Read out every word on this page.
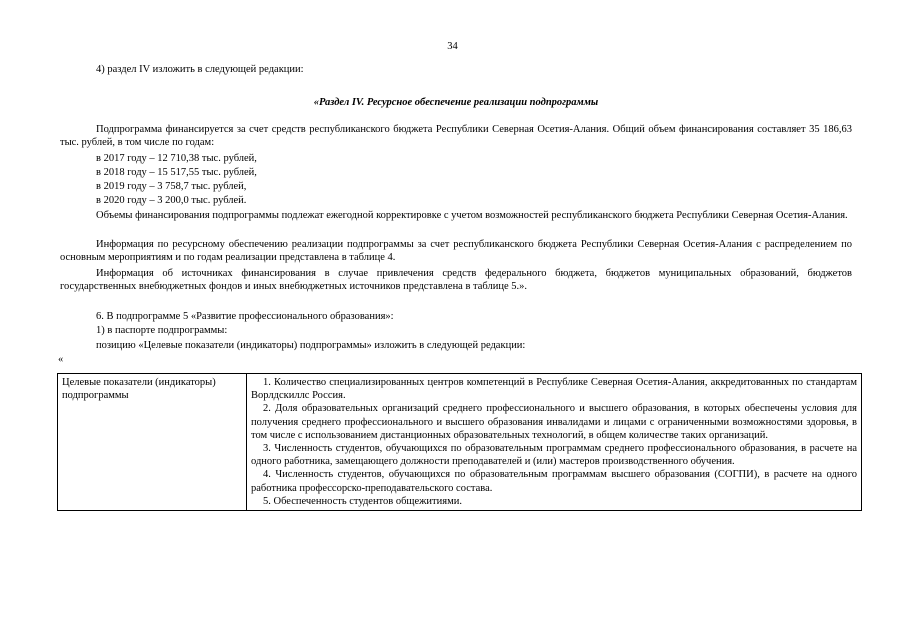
34
4) раздел IV изложить в следующей редакции:
«Раздел IV. Ресурсное обеспечение реализации подпрограммы
Подпрограмма финансируется за счет средств республиканского бюджета Республики Северная Осетия-Алания. Общий объем финансирования составляет 35 186,63 тыс. рублей, в том числе по годам:
в 2017 году – 12 710,38 тыс. рублей,
в 2018 году – 15 517,55 тыс. рублей,
в 2019 году – 3 758,7 тыс. рублей,
в 2020 году – 3 200,0 тыс. рублей.
Объемы финансирования подпрограммы подлежат ежегодной корректировке с учетом возможностей республиканского бюджета Республики Северная Осетия-Алания.
Информация по ресурсному обеспечению реализации подпрограммы за счет республиканского бюджета Республики Северная Осетия-Алания с распределением по основным мероприятиям и по годам реализации представлена в таблице 4.
Информация об источниках финансирования в случае привлечения средств федерального бюджета, бюджетов муниципальных образований, бюджетов государственных внебюджетных фондов и иных внебюджетных источников представлена в таблице 5.».
6. В подпрограмме 5 «Развитие профессионального образования»:
1) в паспорте подпрограммы:
позицию «Целевые показатели (индикаторы) подпрограммы» изложить в следующей редакции:
«
Целевые показатели (индикаторы) подпрограммы	
1. Количество специализированных центров компетенций в Республике Северная Осетия-Алания, аккредитованных по стандартам Ворлдскиллс Россия.
2. Доля образовательных организаций среднего профессионального и высшего образования, в которых обеспечены условия для получения среднего профессионального и высшего образования инвалидами и лицами с ограниченными возможностями здоровья, в том числе с использованием дистанционных образовательных технологий, в общем количестве таких организаций.
3. Численность студентов, обучающихся по образовательным программам среднего профессионального образования, в расчете на одного работника, замещающего должности преподавателей и (или) мастеров производственного обучения.
4. Численность студентов, обучающихся по образовательным программам высшего образования (СОГПИ), в расчете на одного работника профессорско-преподавательского состава.
5. Обеспеченность студентов общежитиями.
